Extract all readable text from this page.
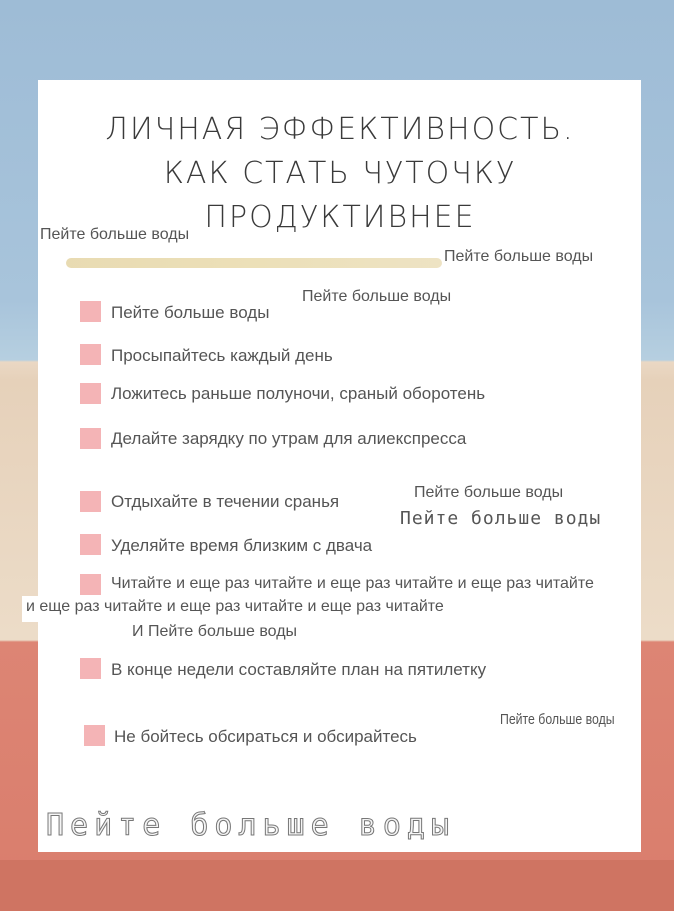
ЛИЧНАЯ ЭФФЕКТИВНОСТЬ.
КАК СТАТЬ ЧУТОЧКУ
ПРОДУКТИВНЕЕ
Пейте больше воды
Пейте больше воды
Пейте больше воды
Пейте больше воды
Просыпайтесь каждый день
Ложитесь раньше полуночи, сраный оборотень
Делайте зарядку по утрам для алиекспресса
Отдыхайте в течении сранья	Пейте больше воды
Пейте больше воды
Уделяйте время близким с двача
Читайте и еще раз читайте и еще раз читайте и еще раз читайте
и еще раз читайте и еще раз читайте и еще раз читайте
И Пейте больше воды
В конце недели составляйте план на пятилетку
Не бойтесь обсираться и обсирайтесь
Пейте больше воды
Пейте больше воды
